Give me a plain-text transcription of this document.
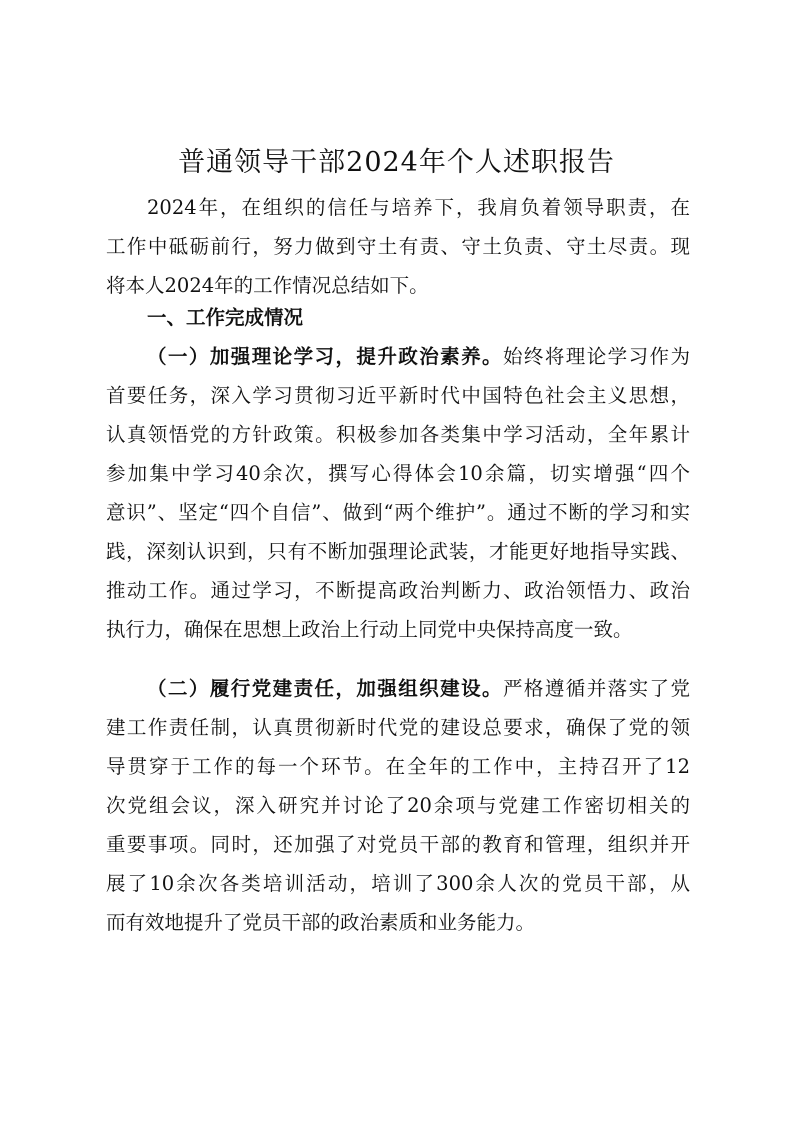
普通领导干部2024年个人述职报告
2024年，在组织的信任与培养下，我肩负着领导职责，在
工作中砥砺前行，努力做到守土有责、守土负责、守土尽责。现
将本人2024年的工作情况总结如下。
一、工作完成情况
（一）加强理论学习，提升政治素养。始终将理论学习作为
首要任务，深入学习贯彻习近平新时代中国特色社会主义思想，
认真领悟党的方针政策。积极参加各类集中学习活动，全年累计
参加集中学习40余次，撰写心得体会10余篇，切实增强“四个
意识”、坚定“四个自信”、做到“两个维护”。通过不断的学习和实
践，深刻认识到，只有不断加强理论武装，才能更好地指导实践、
推动工作。通过学习，不断提高政治判断力、政治领悟力、政治
执行力，确保在思想上政治上行动上同党中央保持高度一致。
（二）履行党建责任，加强组织建设。严格遵循并落实了党
建工作责任制，认真贯彻新时代党的建设总要求，确保了党的领
导贯穿于工作的每一个环节。在全年的工作中，主持召开了12
次党组会议，深入研究并讨论了20余项与党建工作密切相关的
重要事项。同时，还加强了对党员干部的教育和管理，组织并开
展了10余次各类培训活动，培训了300余人次的党员干部，从
而有效地提升了党员干部的政治素质和业务能力。
